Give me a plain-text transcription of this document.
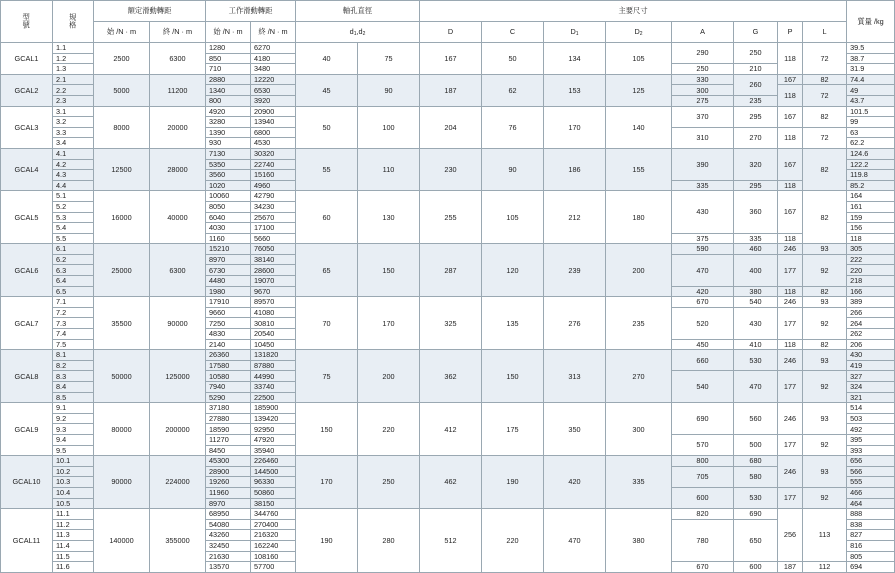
型號	規格	額定滑動轉距		工作滑動轉距		軸孔直徑		主要尺寸								質量 /kg	
		始 /N · m	終 /N · m	始 /N · m	終 /N · m	$d_1,d_2$		D	C	$D_1$	$D_2$	A	G	P	L	
GCAL1	1.1	2500	6300	1280	6270	40	75	167	50	134	105	290	250	118	72	39.5	
	1.2			850	4180											38.7	
	1.3			710	3480							250	210			31.9	
GCAL2	2.1	5000	11200	2880	12220	45	90	187	62	153	125	330	260	167	82	74.4	
	2.2			1340	6530							300		118	72	49	
	2.3			800	3920							275	235			43.7	
GCAL3	3.1	8000	20000	4920	20900	50	100	204	76	170	140	370	295	167	82	101.5	
	3.2			3280	13940											99	
	3.3			1390	6800							310	270	118	72	63	
	3.4			930	4530											62.2	
GCAL4	4.1	12500	28000	7130	30320	55	110	230	90	186	155	390	320	167	82	124.6	
	4.2			5350	22740											122.2	
	4.3			3560	15160											119.8	
	4.4			1020	4960							335	295	118		85.2	
GCAL5	5.1	16000	40000	10060	42790	60	130	255	105	212	180	430	360	167	82	164	
	5.2			8050	34230											161	
	5.3			6040	25670											159	
	5.4			4030	17100											156	
	5.5			1160	5660							375	335	118		118	
GCAL6	6.1	25000	6300	15210	76050	65	150	287	120	239	200	590	460	246	93	305	
	6.2			8970	38140							470	400	177	92	222	
	6.3			6730	28600											220	
	6.4			4480	19070											218	
	6.5			1980	9670							420	380	118	82	166	
GCAL7	7.1	35500	90000	17910	89570	70	170	325	135	276	235	670	540	246	93	389	
	7.2			9660	41080							520	430	177	92	266	
	7.3			7250	30810											264	
	7.4			4830	20540											262	
	7.5			2140	10450							450	410	118	82	206	
GCAL8	8.1	50000	125000	26360	131820	75	200	362	150	313	270	660	530	246	93	430	
	8.2			17580	87880											419	
	8.3			10580	44990							540	470	177	92	327	
	8.4			7940	33740											324	
	8.5			5290	22500											321	
GCAL9	9.1	80000	200000	37180	185900	150	220	412	175	350	300	690	560	246	93	514	
	9.2			27880	139420											503	
	9.3			18590	92950											492	
	9.4			11270	47920							570	500	177	92	395	
	9.5			8450	35940											393	
GCAL10	10.1	90000	224000	45300	226460	170	250	462	190	420	335	800	680	246	93	656	
	10.2			28900	144500							705	580			566	
	10.3			19260	96330											555	
	10.4			11960	50860							600	530	177	92	466	
	10.5			8970	38150											464	
GCAL11	11.1	140000	355000	68950	344760	190	280	512	220	470	380	820	690	256	113	888	
	11.2			54080	270400							780	650			838	
	11.3			43260	216320											827	
	11.4			32450	162240											816	
	11.5			21630	108160											805	
	11.6			13570	57700							670	600	187	112	694	
